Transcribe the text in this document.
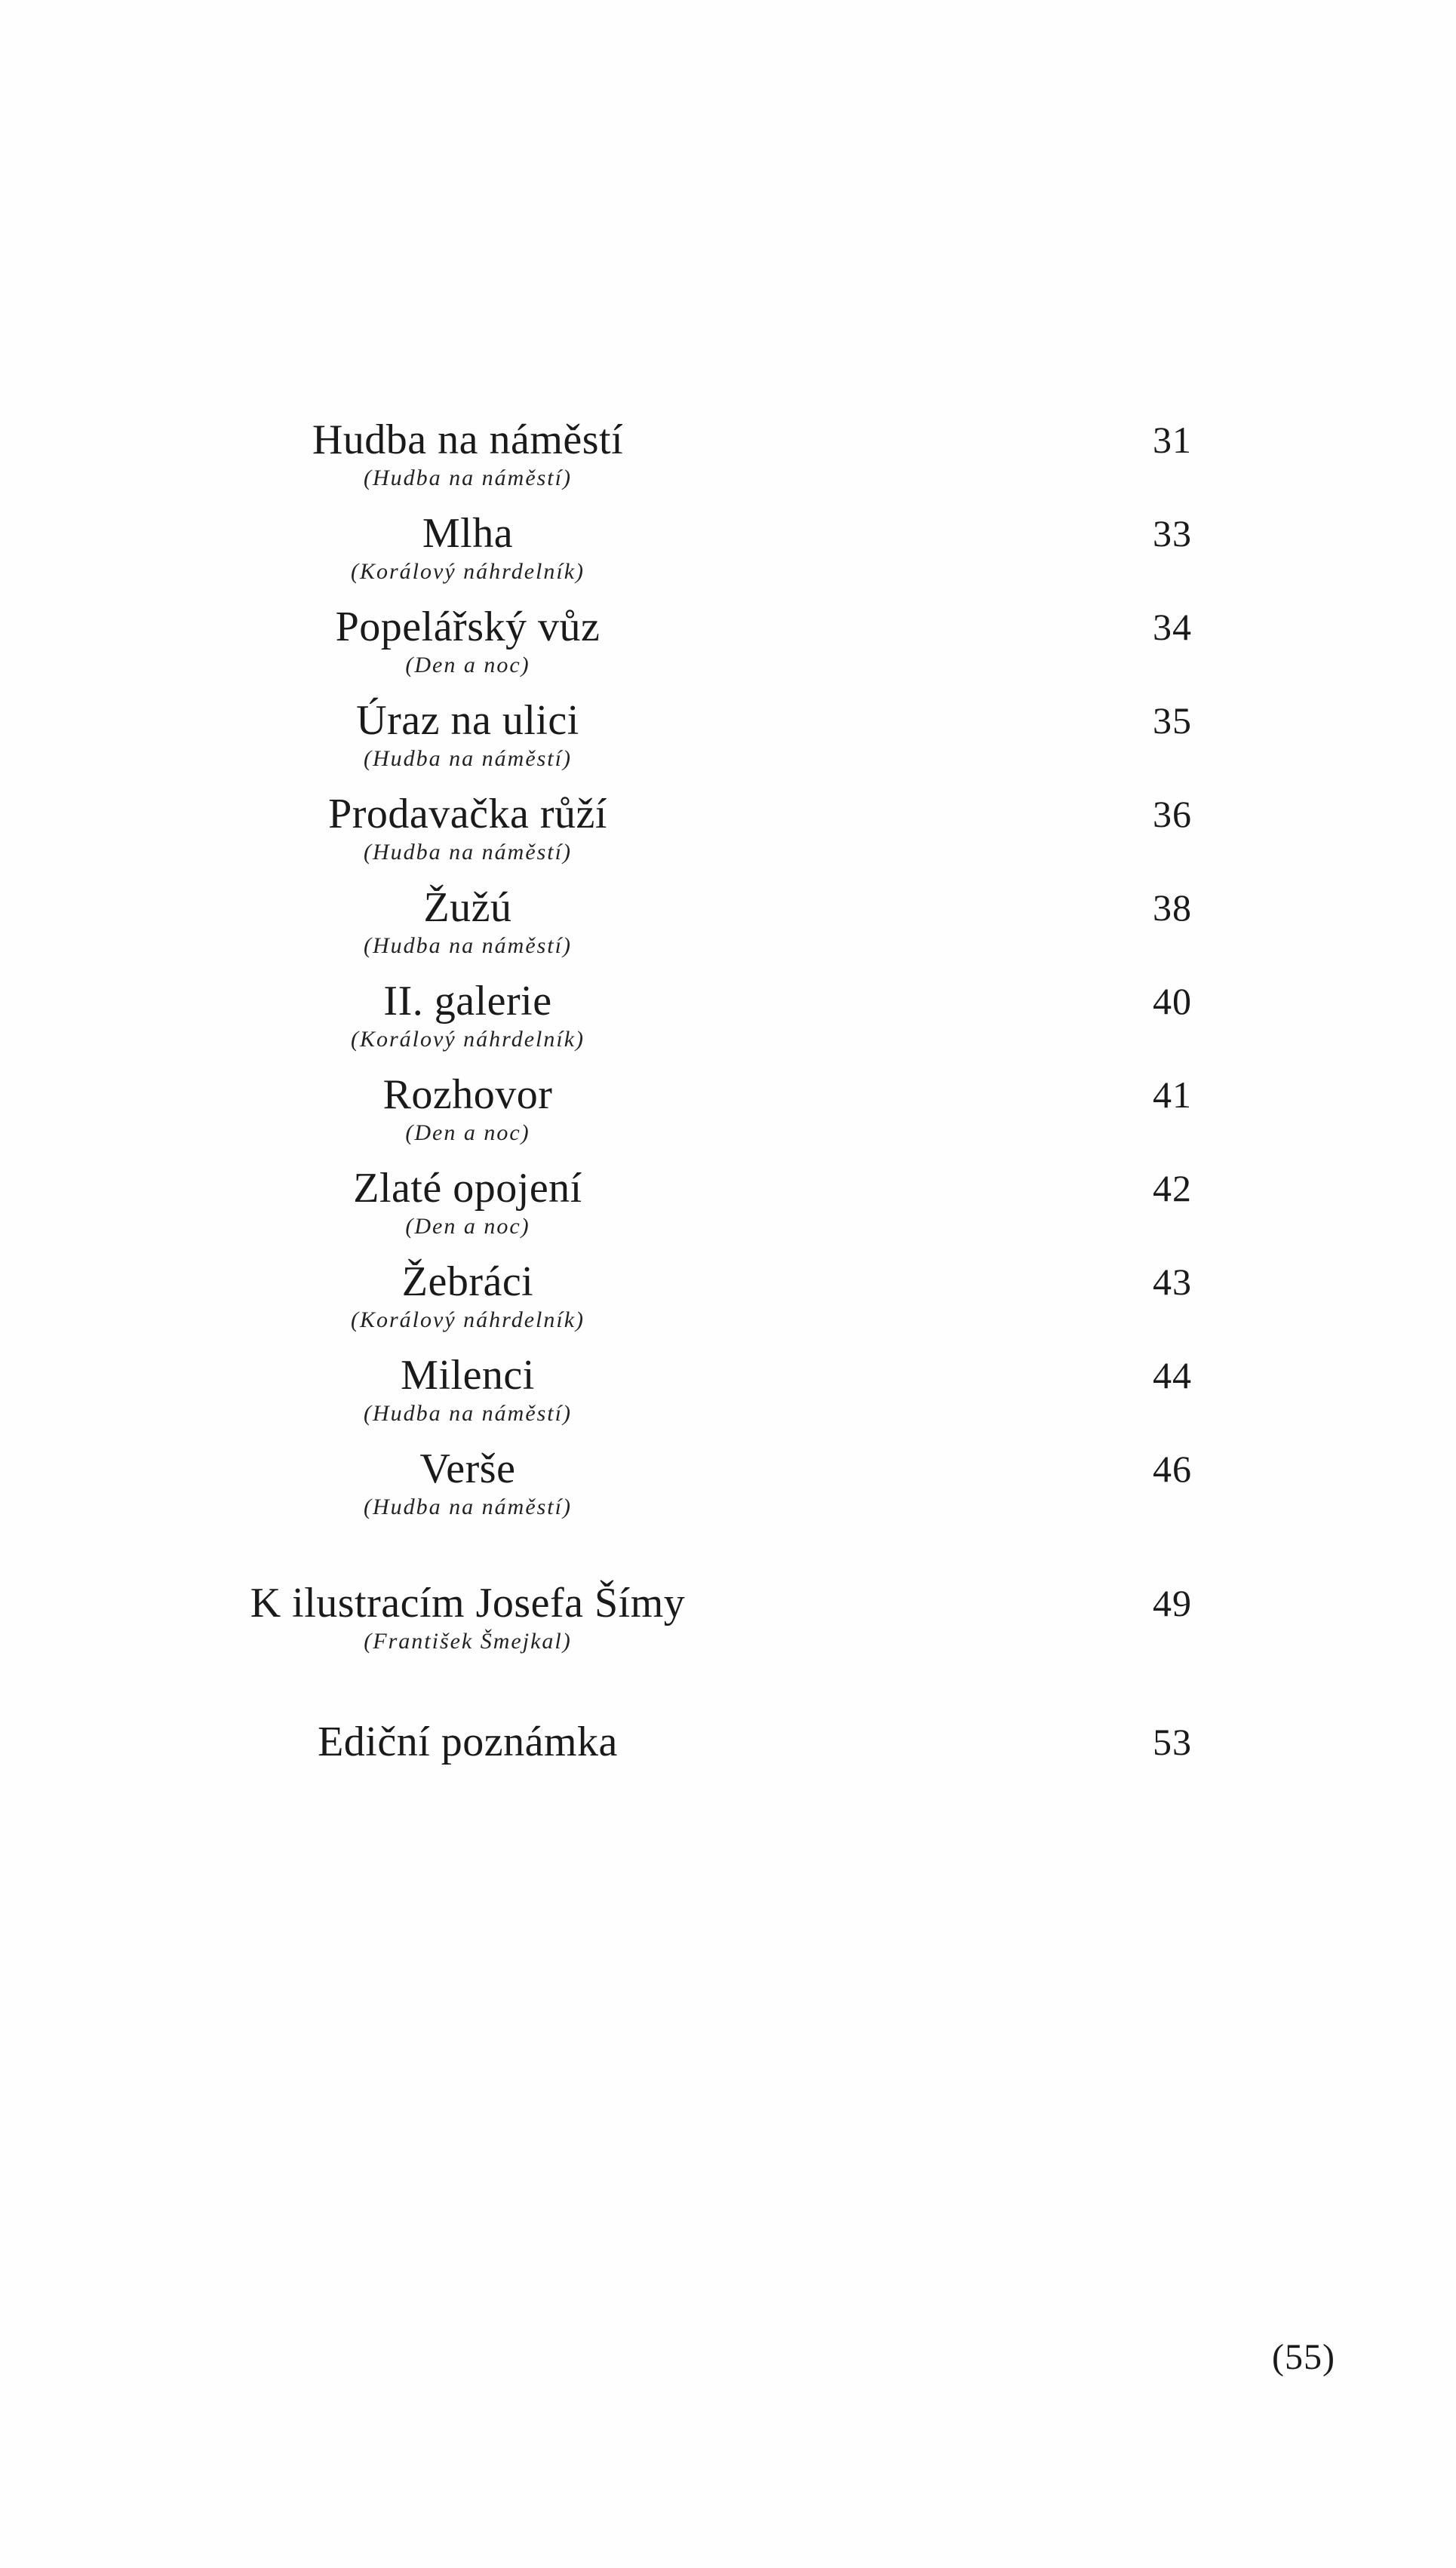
Hudba na náměstí	31
(Hudba na náměstí)
Mlha	33
(Korálový náhrdelník)
Popelářský vůz	34
(Den a noc)
Úraz na ulici	35
(Hudba na náměstí)
Prodavačka růží	36
(Hudba na náměstí)
Žužú	38
(Hudba na náměstí)
II. galerie	40
(Korálový náhrdelník)
Rozhovor	41
(Den a noc)
Zlaté opojení	42
(Den a noc)
Žebráci	43
(Korálový náhrdelník)
Milenci	44
(Hudba na náměstí)
Verše	46
(Hudba na náměstí)
K ilustracím Josefa Šímy	49
(František Šmejkal)
Ediční poznámka	53
(55)
